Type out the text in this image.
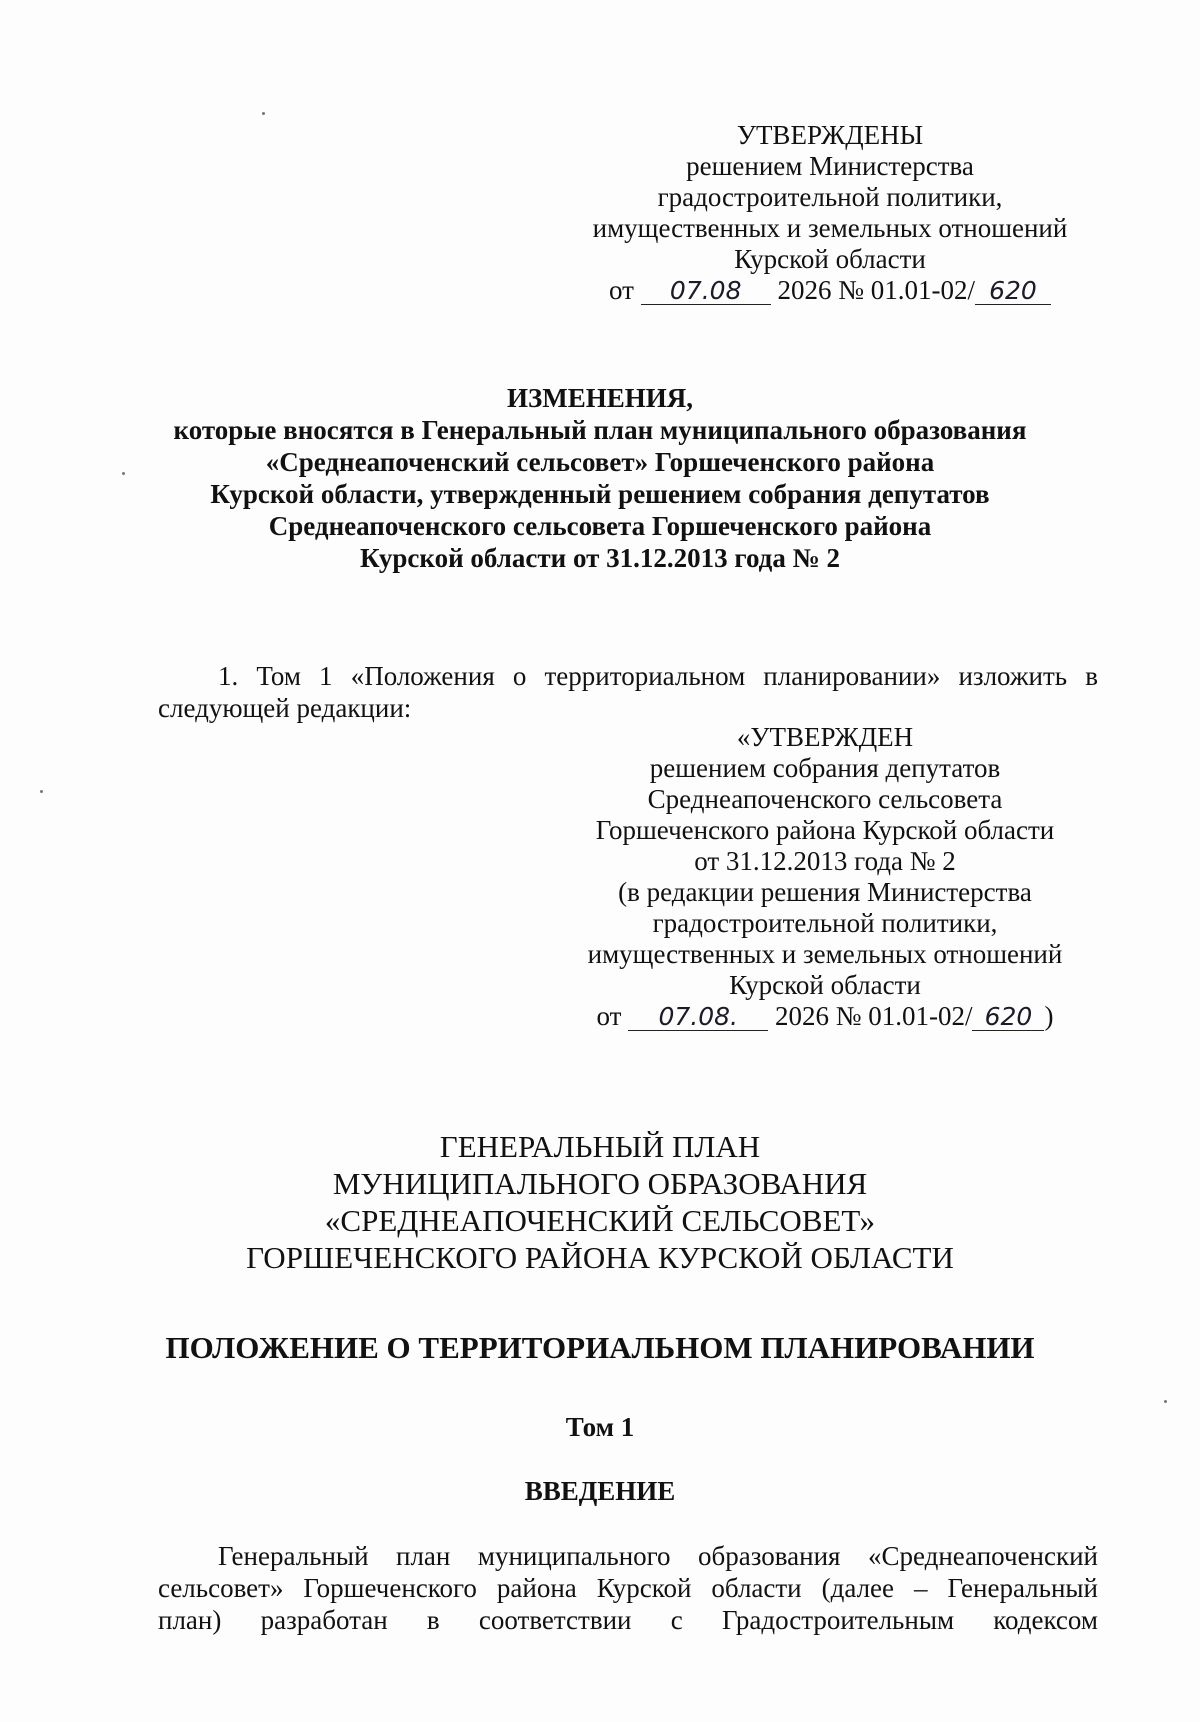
УТВЕРЖДЕНЫ
решением Министерства
градостроительной политики,
имущественных и земельных отношений
Курской области
от 07.08 2026 № 01.01-02/ 620
ИЗМЕНЕНИЯ,
которые вносятся в Генеральный план муниципального образования
«Среднеапоченский сельсовет» Горшеченского района
Курской области, утвержденный решением собрания депутатов
Среднеапоченского сельсовета Горшеченского района
Курской области от 31.12.2013 года № 2
1. Том 1 «Положения о территориальном планировании» изложить в
следующей редакции:
«УТВЕРЖДЕН
решением собрания депутатов
Среднеапоченского сельсовета
Горшеченского района Курской области
от 31.12.2013 года № 2
(в редакции решения Министерства
градостроительной политики,
имущественных и земельных отношений
Курской области
от 07.08. 2026 № 01.01-02/ 620 )
ГЕНЕРАЛЬНЫЙ ПЛАН
МУНИЦИПАЛЬНОГО ОБРАЗОВАНИЯ
«СРЕДНЕАПОЧЕНСКИЙ СЕЛЬСОВЕТ»
ГОРШЕЧЕНСКОГО РАЙОНА КУРСКОЙ ОБЛАСТИ
ПОЛОЖЕНИЕ О ТЕРРИТОРИАЛЬНОМ ПЛАНИРОВАНИИ
Том 1
ВВЕДЕНИЕ
Генеральный план муниципального образования «Среднеапоченский
сельсовет» Горшеченского района Курской области (далее – Генеральный
план) разработан в соответствии с Градостроительным кодексом
